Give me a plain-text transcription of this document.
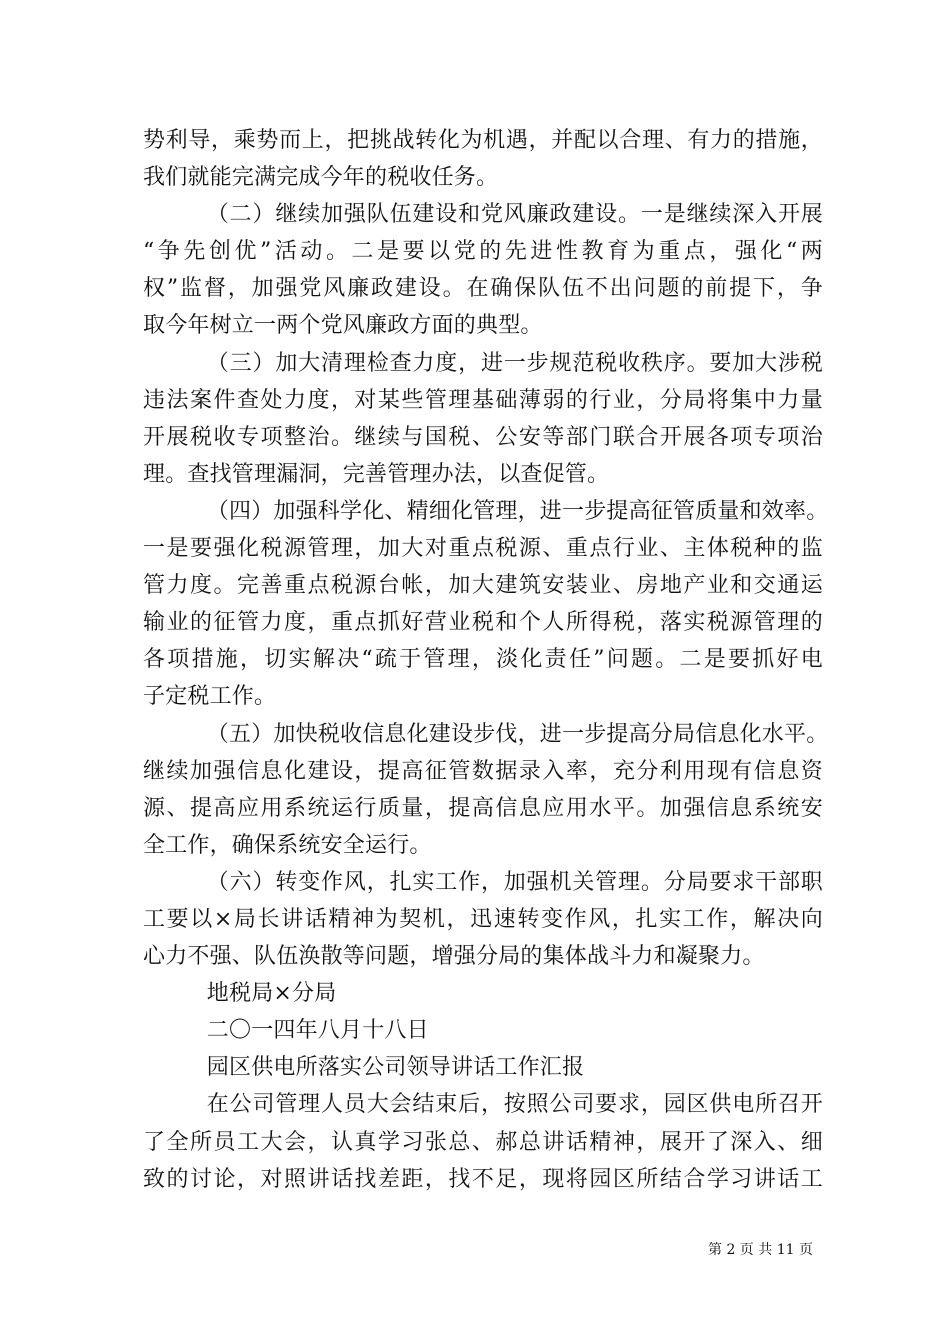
势利导，乘势而上，把挑战转化为机遇，并配以合理、有力的措施，
我们就能完满完成今年的税收任务。

（二）继续加强队伍建设和党风廉政建设。一是继续深入开展

“争先创优”活动。二是要以党的先进性教育为重点，强化“两
权”监督，加强党风廉政建设。在确保队伍不出问题的前提下，争
取今年树立一两个党风廉政方面的典型。

（三）加大清理检查力度，进一步规范税收秩序。要加大涉税

违法案件查处力度，对某些管理基础薄弱的行业，分局将集中力量
开展税收专项整治。继续与国税、公安等部门联合开展各项专项治
理。查找管理漏洞，完善管理办法，以查促管。

（四）加强科学化、精细化管理，进一步提高征管质量和效率。

一是要强化税源管理，加大对重点税源、重点行业、主体税种的监
管力度。完善重点税源台帐，加大建筑安装业、房地产业和交通运
输业的征管力度，重点抓好营业税和个人所得税，落实税源管理的
各项措施，切实解决“疏于管理，淡化责任”问题。二是要抓好电
子定税工作。

（五）加快税收信息化建设步伐，进一步提高分局信息化水平。

继续加强信息化建设，提高征管数据录入率，充分利用现有信息资
源、提高应用系统运行质量，提高信息应用水平。加强信息系统安
全工作，确保系统安全运行。

（六）转变作风，扎实工作，加强机关管理。分局要求干部职

工要以×局长讲话精神为契机，迅速转变作风，扎实工作，解决向
心力不强、队伍涣散等问题，增强分局的集体战斗力和凝聚力。

地税局×分局

二〇一四年八月十八日

园区供电所落实公司领导讲话工作汇报

在公司管理人员大会结束后，按照公司要求，园区供电所召开

了全所员工大会，认真学习张总、郝总讲话精神，展开了深入、细
致的讨论，对照讲话找差距，找不足，现将园区所结合学习讲话工

第 2 页 共 11 页
